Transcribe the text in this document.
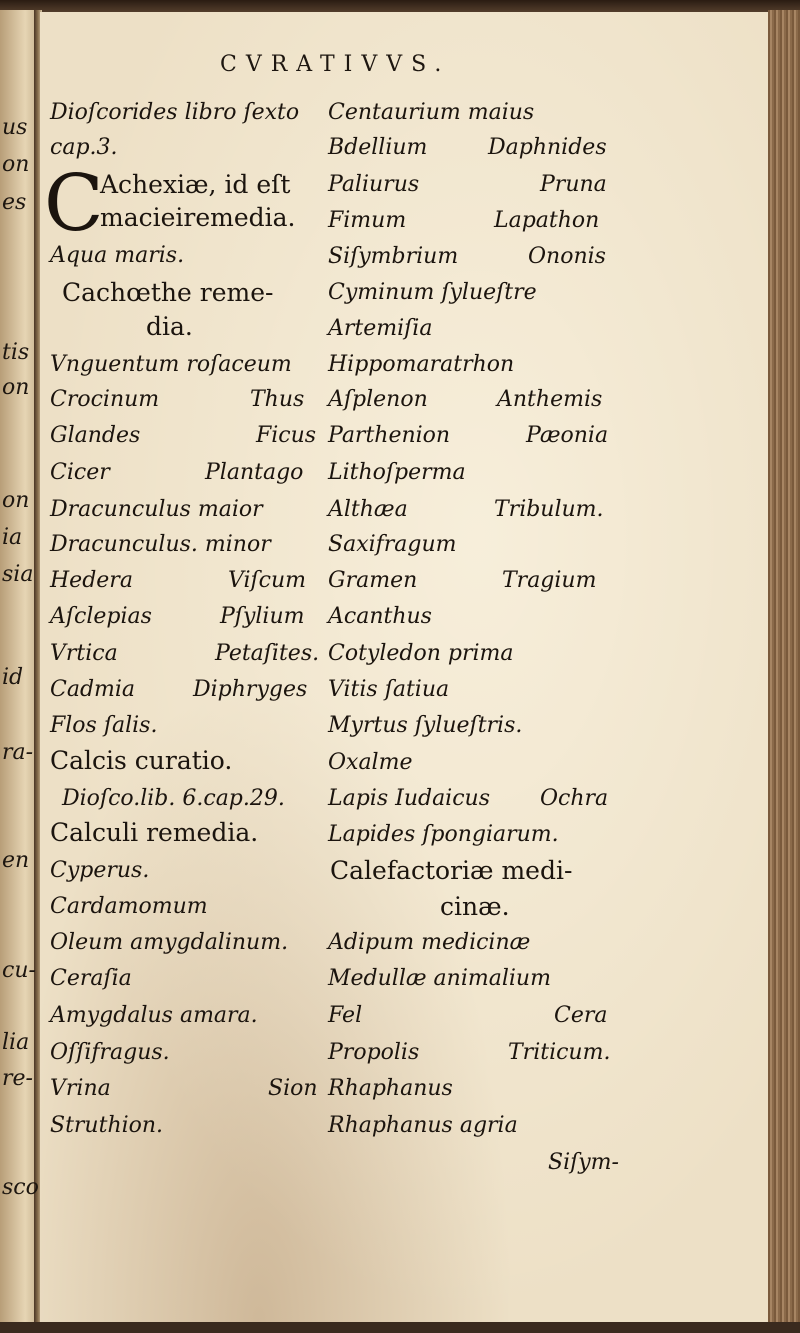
us
on
es
tis
on
on
ia
sia
id
ra-
en
cu-
lia
re-
sco
CVRATIVVS.
Dioſcorides libro ſexto
cap.3.
C
Achexiæ, id eſt
macieiremedia.
Aqua maris.
Cachœthe reme-
dia.
Vnguentum roſaceum
Crocinum	Thus
Glandes	Ficus
Cicer	Plantago
Dracunculus maior
Dracunculus. minor
Hedera	Viſcum
Aſclepias	Pſylium
Vrtica	Petaſites.
Cadmia	Diphryges
Flos ſalis.
Calcis curatio.
Dioſco.lib. 6.cap.29.
Calculi remedia.
Cyperus.
Cardamomum
Oleum amygdalinum.
Ceraſia
Amygdalus amara.
Oſſifragus.
Vrina	Sion
Struthion.
Centaurium maius
Bdellium	Daphnides
Paliurus	Pruna
Fimum	Lapathon
Siſymbrium	Ononis
Cyminum ſylueſtre
Artemiſia
Hippomaratrhon
Aſplenon	Anthemis
Parthenion	Pæonia
Lithoſperma
Althæa	Tribulum.
Saxifragum
Gramen	Tragium
Acanthus
Cotyledon prima
Vitis ſatiua
Myrtus ſylueſtris.
Oxalme
Lapis Iudaicus Ochra
Lapides ſpongiarum.
Calefactoriæ medi-
cinæ.
Adipum medicinæ
Medullæ animalium
Fel	Cera
Propolis	Triticum.
Rhaphanus
Rhaphanus agria
Siſym-
